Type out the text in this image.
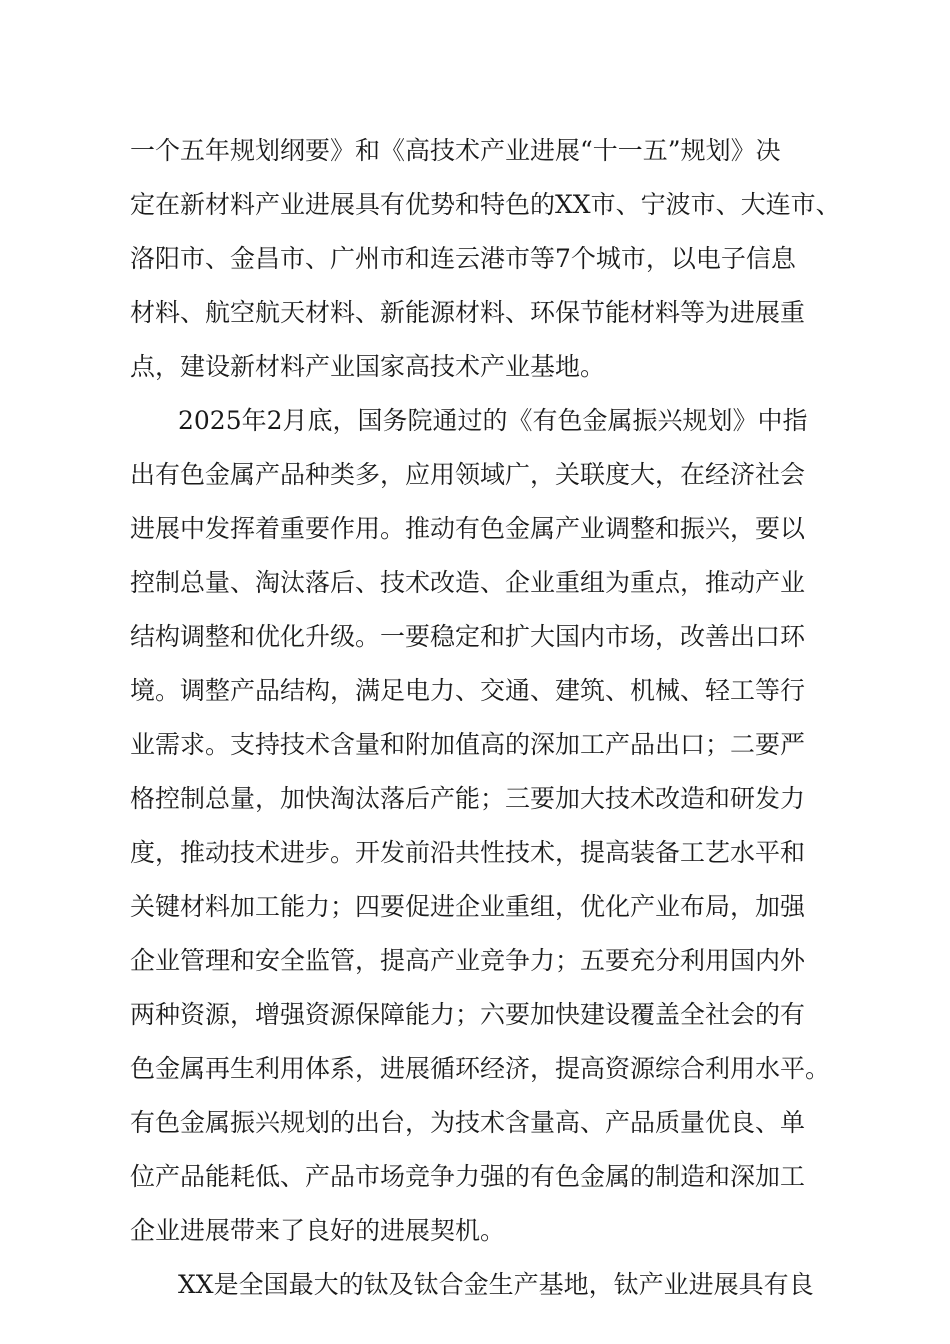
一个五年规划纲要》和《高技术产业进展“十一五”规划》决
定在新材料产业进展具有优势和特色的XX市、宁波市、大连市、
洛阳市、金昌市、广州市和连云港市等7个城市，以电子信息
材料、航空航天材料、新能源材料、环保节能材料等为进展重
点，建设新材料产业国家高技术产业基地。
2025年2月底，国务院通过的《有色金属振兴规划》中指
出有色金属产品种类多，应用领域广，关联度大，在经济社会
进展中发挥着重要作用。推动有色金属产业调整和振兴，要以
控制总量、淘汰落后、技术改造、企业重组为重点，推动产业
结构调整和优化升级。一要稳定和扩大国内市场，改善出口环
境。调整产品结构，满足电力、交通、建筑、机械、轻工等行
业需求。支持技术含量和附加值高的深加工产品出口；二要严
格控制总量，加快淘汰落后产能；三要加大技术改造和研发力
度，推动技术进步。开发前沿共性技术，提高装备工艺水平和
关键材料加工能力；四要促进企业重组，优化产业布局，加强
企业管理和安全监管，提高产业竞争力；五要充分利用国内外
两种资源，增强资源保障能力；六要加快建设覆盖全社会的有
色金属再生利用体系，进展循环经济，提高资源综合利用水平。
有色金属振兴规划的出台，为技术含量高、产品质量优良、单
位产品能耗低、产品市场竞争力强的有色金属的制造和深加工
企业进展带来了良好的进展契机。
XX是全国最大的钛及钛合金生产基地，钛产业进展具有良
